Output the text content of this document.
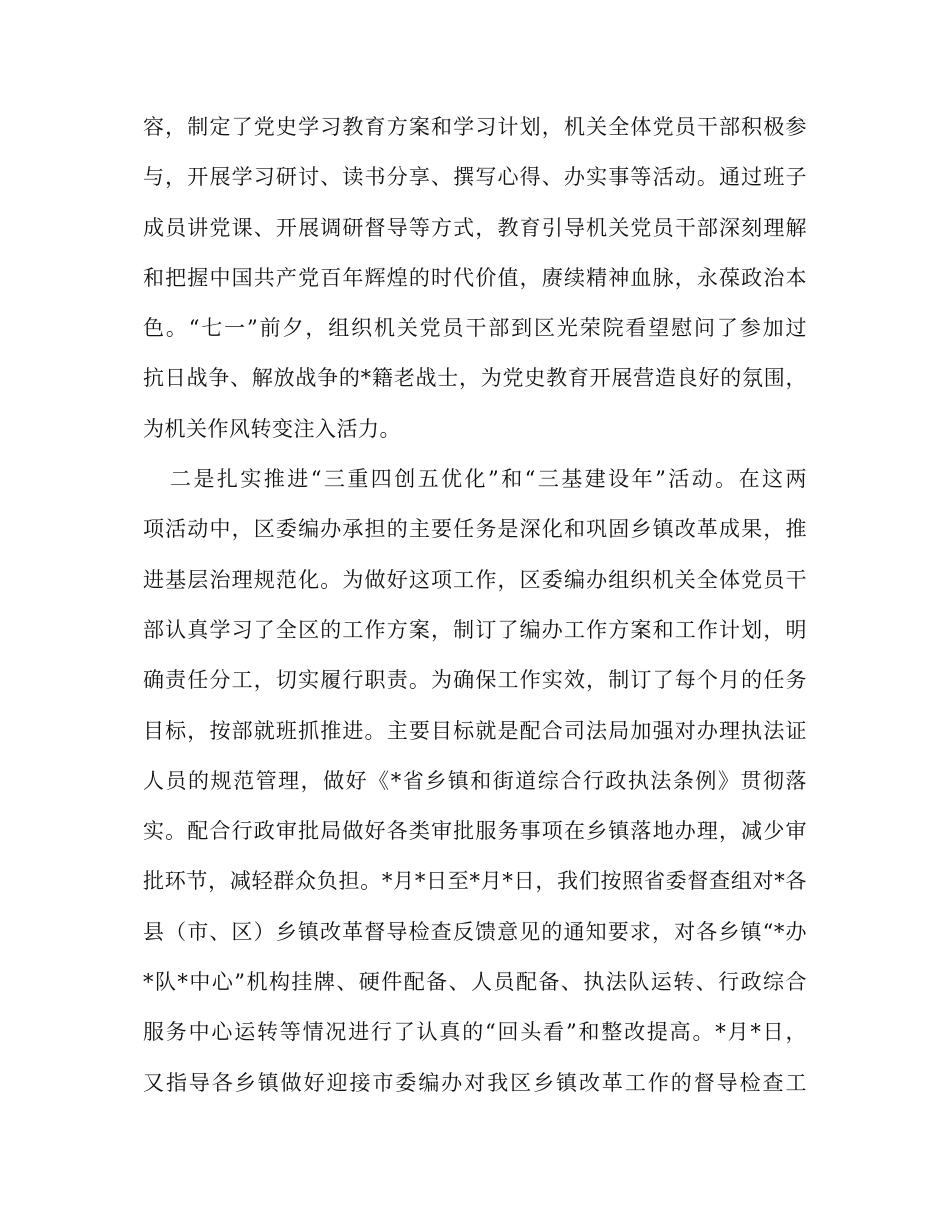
容，制定了党史学习教育方案和学习计划，机关全体党员干部积极参
与，开展学习研讨、读书分享、撰写心得、办实事等活动。通过班子
成员讲党课、开展调研督导等方式，教育引导机关党员干部深刻理解
和把握中国共产党百年辉煌的时代价值，赓续精神血脉，永葆政治本
色。“七一”前夕，组织机关党员干部到区光荣院看望慰问了参加过
抗日战争、解放战争的*籍老战士，为党史教育开展营造良好的氛围，
为机关作风转变注入活力。
二是扎实推进“三重四创五优化”和“三基建设年”活动。在这两
项活动中，区委编办承担的主要任务是深化和巩固乡镇改革成果，推
进基层治理规范化。为做好这项工作，区委编办组织机关全体党员干
部认真学习了全区的工作方案，制订了编办工作方案和工作计划，明
确责任分工，切实履行职责。为确保工作实效，制订了每个月的任务
目标，按部就班抓推进。主要目标就是配合司法局加强对办理执法证
人员的规范管理，做好《*省乡镇和街道综合行政执法条例》贯彻落
实。配合行政审批局做好各类审批服务事项在乡镇落地办理，减少审
批环节，减轻群众负担。*月*日至*月*日，我们按照省委督查组对*各
县（市、区）乡镇改革督导检查反馈意见的通知要求，对各乡镇“*办
*队*中心”机构挂牌、硬件配备、人员配备、执法队运转、行政综合
服务中心运转等情况进行了认真的“回头看”和整改提高。*月*日，
又指导各乡镇做好迎接市委编办对我区乡镇改革工作的督导检查工
